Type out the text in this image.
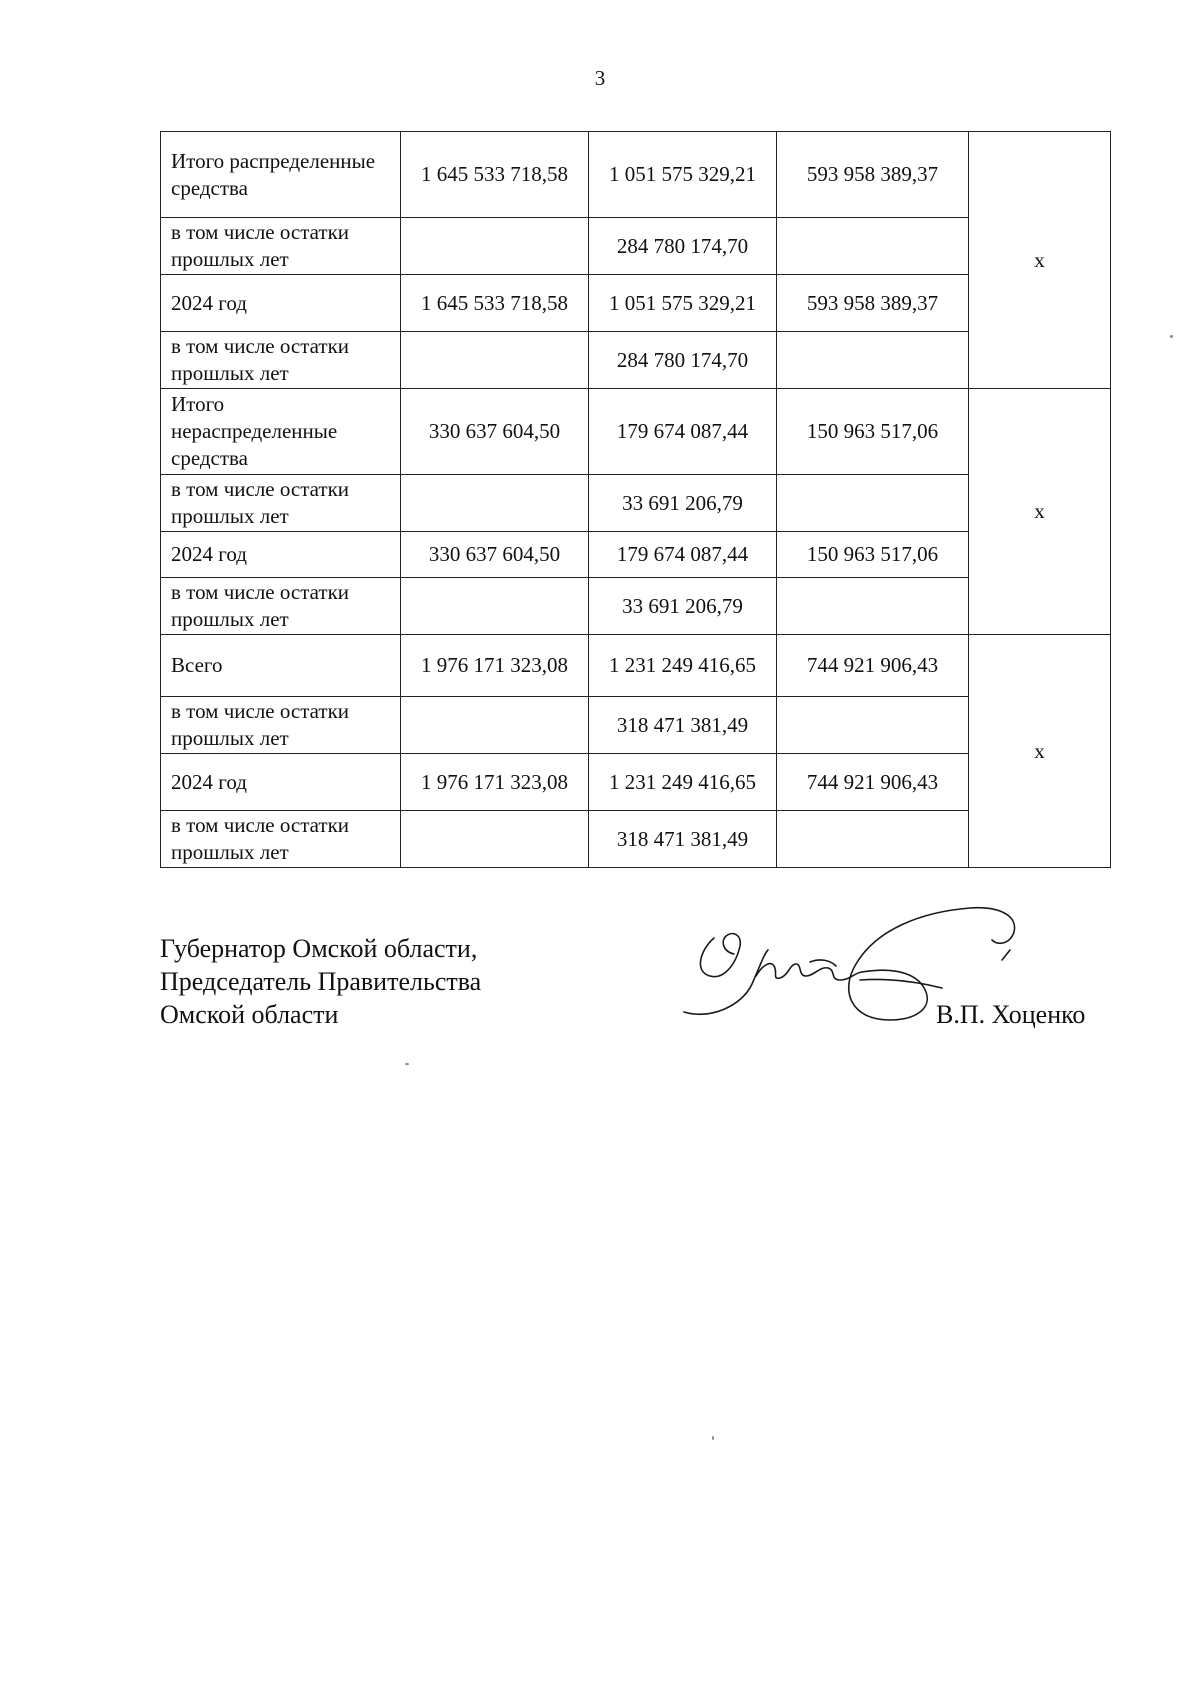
3
Итого распределенные средства	1 645 533 718,58	1 051 575 329,21	593 958 389,37	x
в том числе остатки прошлых лет		284 780 174,70		
2024 год	1 645 533 718,58	1 051 575 329,21	593 958 389,37	
в том числе остатки прошлых лет		284 780 174,70		
Итого нераспределенные средства	330 637 604,50	179 674 087,44	150 963 517,06	x
в том числе остатки прошлых лет		33 691 206,79		
2024 год	330 637 604,50	179 674 087,44	150 963 517,06	
в том числе остатки прошлых лет		33 691 206,79		
Всего	1 976 171 323,08	1 231 249 416,65	744 921 906,43	x
в том числе остатки прошлых лет		318 471 381,49		
2024 год	1 976 171 323,08	1 231 249 416,65	744 921 906,43	
в том числе остатки прошлых лет		318 471 381,49		
Губернатор Омской области,
Председатель Правительства
Омской области	В.П. Хоценко
